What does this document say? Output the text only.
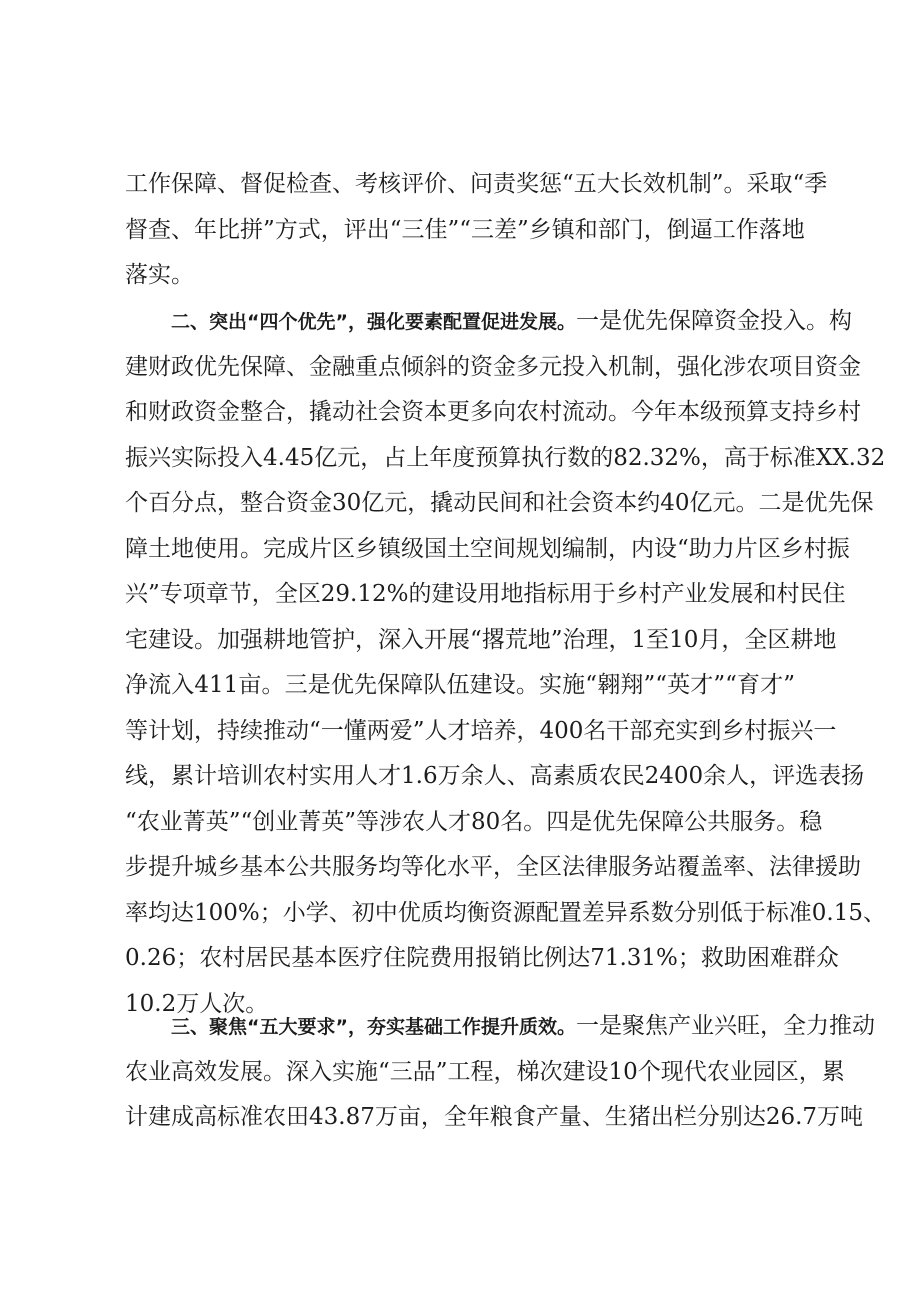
工作保障、督促检查、考核评价、问责奖惩“五大长效机制”。采取“季
督查、年比拼”方式，评出“三佳”“三差”乡镇和部门，倒逼工作落地
落实。
二、突出“四个优先”，强化要素配置促进发展。一是优先保障资金投入。构
建财政优先保障、金融重点倾斜的资金多元投入机制，强化涉农项目资金
和财政资金整合，撬动社会资本更多向农村流动。今年本级预算支持乡村
振兴实际投入4.45亿元，占上年度预算执行数的82.32%，高于标准XX.32
个百分点，整合资金30亿元，撬动民间和社会资本约40亿元。二是优先保
障土地使用。完成片区乡镇级国土空间规划编制，内设“助力片区乡村振
兴”专项章节，全区29.12%的建设用地指标用于乡村产业发展和村民住
宅建设。加强耕地管护，深入开展“撂荒地”治理，1至10月，全区耕地
净流入411亩。三是优先保障队伍建设。实施“翱翔”“英才”“育才”
等计划，持续推动“一懂两爱”人才培养，400名干部充实到乡村振兴一
线，累计培训农村实用人才1.6万余人、高素质农民2400余人，评选表扬
“农业菁英”“创业菁英”等涉农人才80名。四是优先保障公共服务。稳
步提升城乡基本公共服务均等化水平，全区法律服务站覆盖率、法律援助
率均达100%；小学、初中优质均衡资源配置差异系数分别低于标准0.15、
0.26；农村居民基本医疗住院费用报销比例达71.31%；救助困难群众
10.2万人次。
三、聚焦“五大要求”，夯实基础工作提升质效。一是聚焦产业兴旺，全力推动
农业高效发展。深入实施“三品”工程，梯次建设10个现代农业园区，累
计建成高标准农田43.87万亩，全年粮食产量、生猪出栏分别达26.7万吨
